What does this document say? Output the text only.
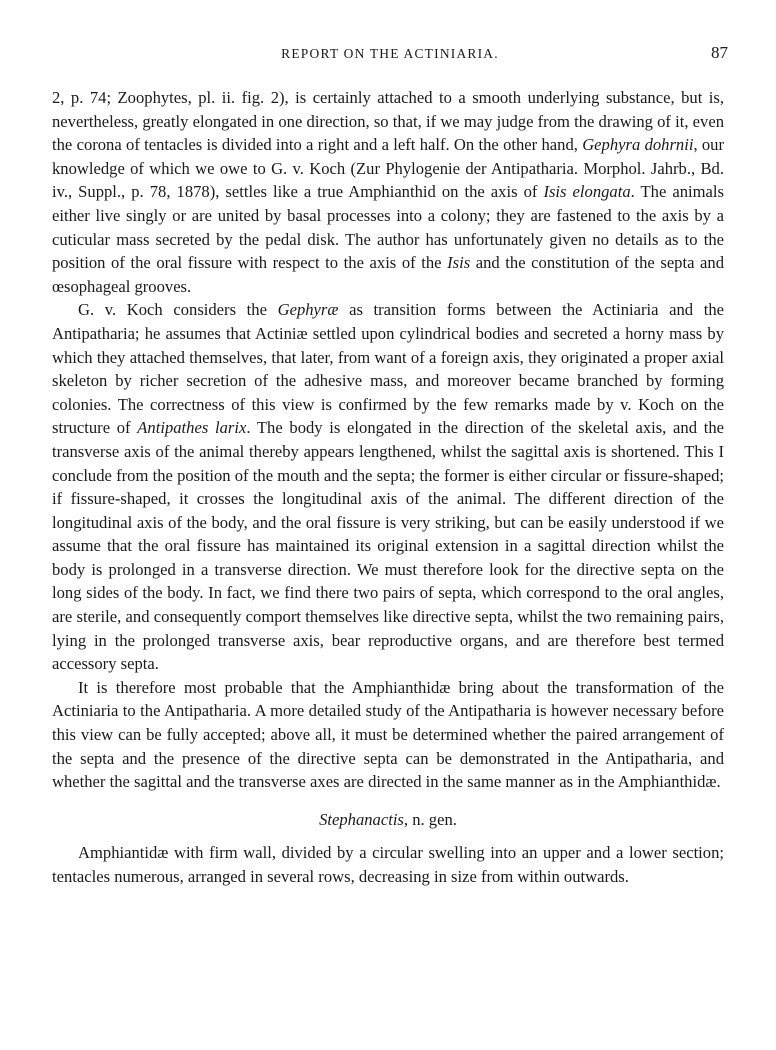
REPORT ON THE ACTINIARIA.	87

2, p. 74; Zoophytes, pl. ii. fig. 2), is certainly attached to a smooth underlying substance, but is, nevertheless, greatly elongated in one direction, so that, if we may judge from the drawing of it, even the corona of tentacles is divided into a right and a left half. On the other hand, Gephyra dohrnii, our knowledge of which we owe to G. v. Koch (Zur Phylogenie der Antipatharia. Morphol. Jahrb., Bd. iv., Suppl., p. 78, 1878), settles like a true Amphianthid on the axis of Isis elongata. The animals either live singly or are united by basal processes into a colony; they are fastened to the axis by a cuticular mass secreted by the pedal disk. The author has unfortunately given no details as to the position of the oral fissure with respect to the axis of the Isis and the constitution of the septa and œsophageal grooves.

G. v. Koch considers the Gephyræ as transition forms between the Actiniaria and the Antipatharia; he assumes that Actiniæ settled upon cylindrical bodies and secreted a horny mass by which they attached themselves, that later, from want of a foreign axis, they originated a proper axial skeleton by richer secretion of the adhesive mass, and moreover became branched by forming colonies. The correctness of this view is confirmed by the few remarks made by v. Koch on the structure of Antipathes larix. The body is elongated in the direction of the skeletal axis, and the transverse axis of the animal thereby appears lengthened, whilst the sagittal axis is shortened. This I conclude from the position of the mouth and the septa; the former is either circular or fissure-shaped; if fissure-shaped, it crosses the longitudinal axis of the animal. The different direction of the longitudinal axis of the body, and the oral fissure is very striking, but can be easily understood if we assume that the oral fissure has maintained its original extension in a sagittal direction whilst the body is prolonged in a transverse direction. We must therefore look for the directive septa on the long sides of the body. In fact, we find there two pairs of septa, which correspond to the oral angles, are sterile, and consequently comport themselves like directive septa, whilst the two remaining pairs, lying in the prolonged transverse axis, bear reproductive organs, and are therefore best termed accessory septa.

It is therefore most probable that the Amphianthidæ bring about the transformation of the Actiniaria to the Antipatharia. A more detailed study of the Antipatharia is however necessary before this view can be fully accepted; above all, it must be determined whether the paired arrangement of the septa and the presence of the directive septa can be demonstrated in the Antipatharia, and whether the sagittal and the transverse axes are directed in the same manner as in the Amphianthidæ.

Stephanactis, n. gen.

Amphiantidæ with firm wall, divided by a circular swelling into an upper and a lower section; tentacles numerous, arranged in several rows, decreasing in size from within outwards.
